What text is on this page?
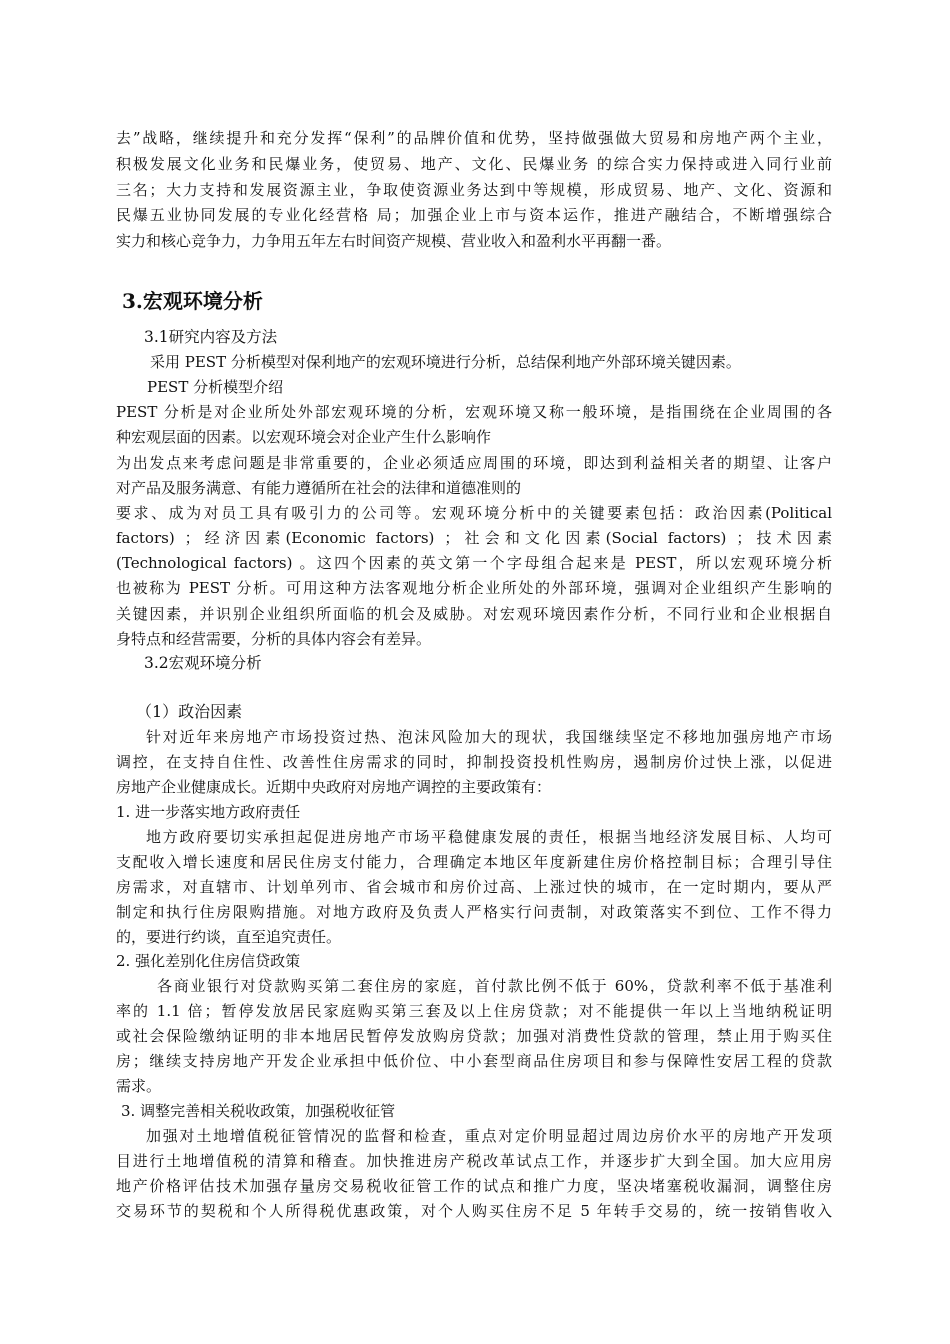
去”战略，继续提升和充分发挥“保利”的品牌价值和优势，坚持做强做大贸易和房地产两个主业，

积极发展文化业务和民爆业务，使贸易、地产、文化、民爆业务 的综合实力保持或进入同行业前

三名；大力支持和发展资源主业，争取使资源业务达到中等规模，形成贸易、地产、文化、资源和

民爆五业协同发展的专业化经营格 局；加强企业上市与资本运作，推进产融结合，不断增强综合

实力和核心竞争力，力争用五年左右时间资产规模、营业收入和盈利水平再翻一番。

3.宏观环境分析

3.1研究内容及方法

采用 PEST 分析模型对保利地产的宏观环境进行分析，总结保利地产外部环境关键因素。

PEST 分析模型介绍

PEST 分析是对企业所处外部宏观环境的分析，宏观环境又称一般环境，是指围绕在企业周围的各

种宏观层面的因素。以宏观环境会对企业产生什么影响作

为出发点来考虑问题是非常重要的，企业必须适应周围的环境，即达到利益相关者的期望、让客户

对产品及服务满意、有能力遵循所在社会的法律和道德准则的

要求、成为对员工具有吸引力的公司等。宏观环境分析中的关键要素包括：政治因素(Political

factors) ；经济因素(Economic factors) ；社会和文化因素(Social factors) ；技术因素

(Technological factors) 。这四个因素的英文第一个字母组合起来是 PEST，所以宏观环境分析

也被称为 PEST 分析。可用这种方法客观地分析企业所处的外部环境，强调对企业组织产生影响的

关键因素，并识别企业组织所面临的机会及威胁。对宏观环境因素作分析，不同行业和企业根据自

身特点和经营需要，分析的具体内容会有差异。

3.2宏观环境分析

（1）政治因素

针对近年来房地产市场投资过热、泡沫风险加大的现状，我国继续坚定不移地加强房地产市场

调控，在支持自住性、改善性住房需求的同时，抑制投资投机性购房，遏制房价过快上涨，以促进

房地产企业健康成长。近期中央政府对房地产调控的主要政策有：

1. 进一步落实地方政府责任

地方政府要切实承担起促进房地产市场平稳健康发展的责任，根据当地经济发展目标、人均可

支配收入增长速度和居民住房支付能力，合理确定本地区年度新建住房价格控制目标；合理引导住

房需求，对直辖市、计划单列市、省会城市和房价过高、上涨过快的城市，在一定时期内，要从严

制定和执行住房限购措施。对地方政府及负责人严格实行问责制，对政策落实不到位、工作不得力

的，要进行约谈，直至追究责任。

2. 强化差别化住房信贷政策

各商业银行对贷款购买第二套住房的家庭，首付款比例不低于 60%，贷款利率不低于基准利

率的 1.1 倍；暂停发放居民家庭购买第三套及以上住房贷款；对不能提供一年以上当地纳税证明

或社会保险缴纳证明的非本地居民暂停发放购房贷款；加强对消费性贷款的管理，禁止用于购买住

房；继续支持房地产开发企业承担中低价位、中小套型商品住房项目和参与保障性安居工程的贷款

需求。

3. 调整完善相关税收政策，加强税收征管

加强对土地增值税征管情况的监督和检查，重点对定价明显超过周边房价水平的房地产开发项

目进行土地增值税的清算和稽查。加快推进房产税改革试点工作，并逐步扩大到全国。加大应用房

地产价格评估技术加强存量房交易税收征管工作的试点和推广力度，坚决堵塞税收漏洞，调整住房

交易环节的契税和个人所得税优惠政策，对个人购买住房不足 5 年转手交易的，统一按销售收入
